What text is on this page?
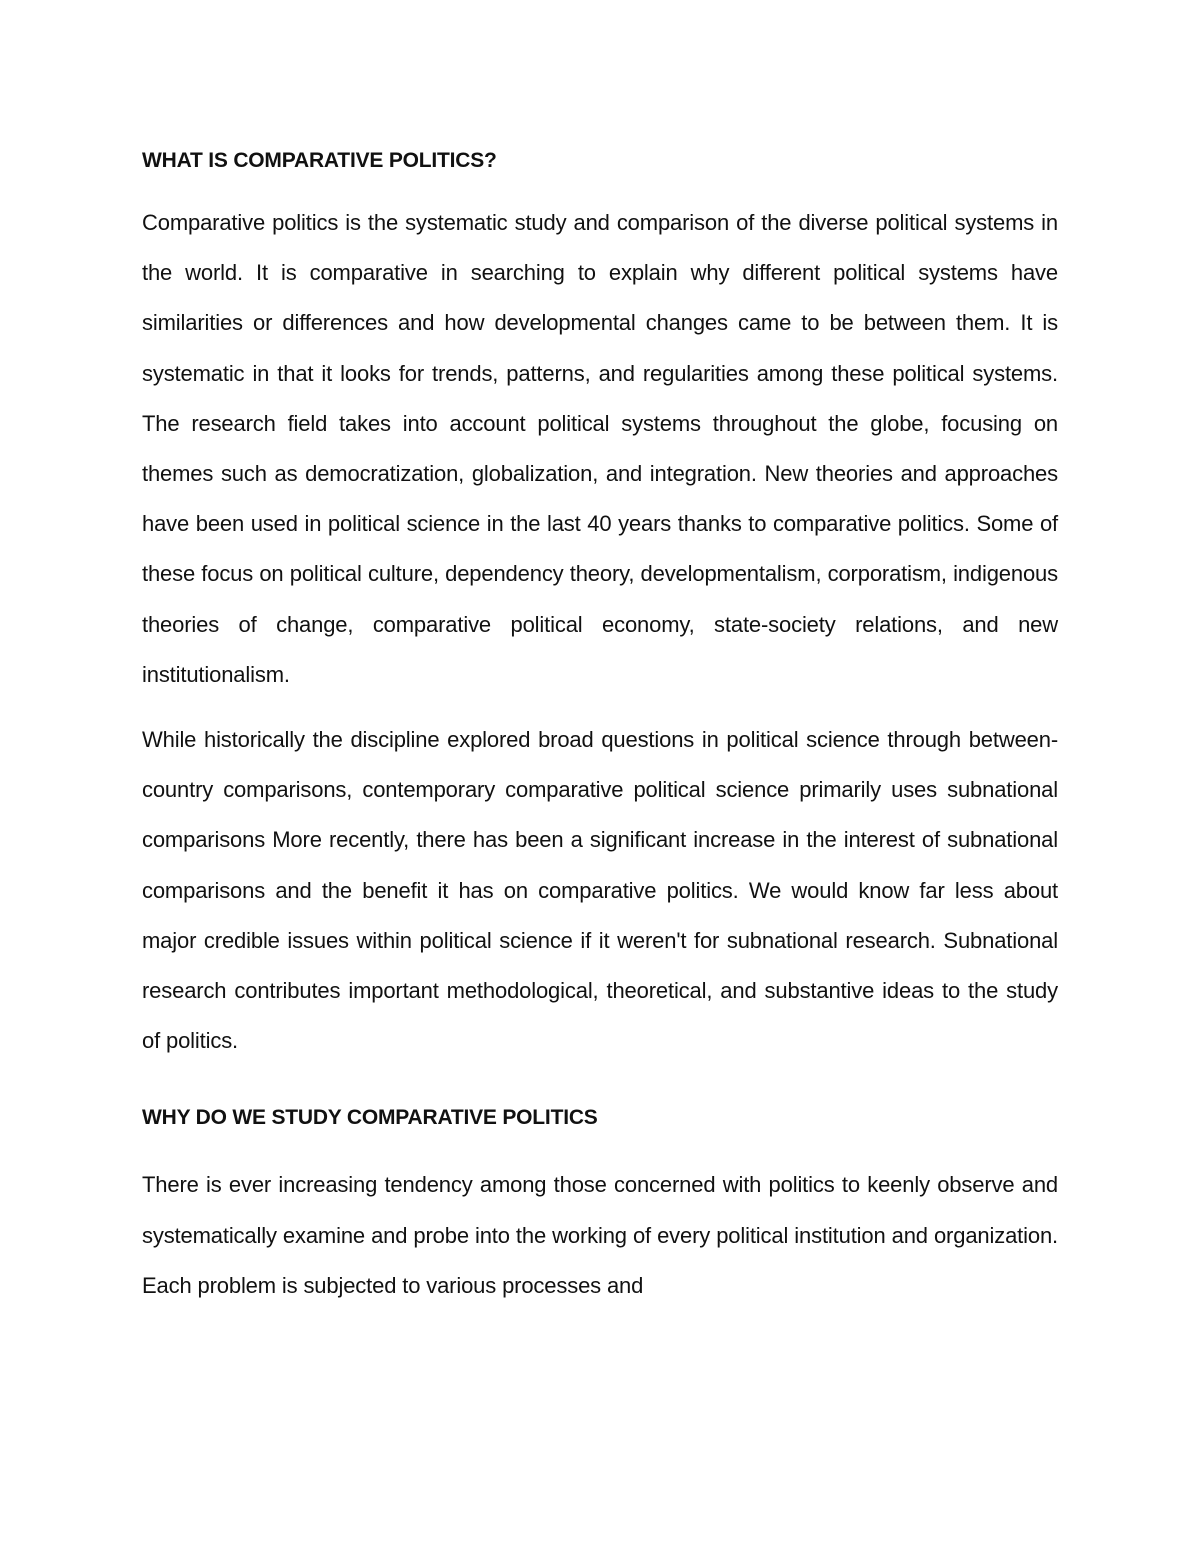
WHAT IS COMPARATIVE POLITICS?

Comparative politics is the systematic study and comparison of the diverse political systems in the world. It is comparative in searching to explain why different political systems have similarities or differences and how developmental changes came to be between them. It is systematic in that it looks for trends, patterns, and regularities among these political systems. The research field takes into account political systems throughout the globe, focusing on themes such as democratization, globalization, and integration. New theories and approaches have been used in political science in the last 40 years thanks to comparative politics. Some of these focus on political culture, dependency theory, developmentalism, corporatism, indigenous theories of change, comparative political economy, state-society relations, and new institutionalism.

While historically the discipline explored broad questions in political science through between-country comparisons, contemporary comparative political science primarily uses subnational comparisons More recently, there has been a significant increase in the interest of subnational comparisons and the benefit it has on comparative politics. We would know far less about major credible issues within political science if it weren't for subnational research. Subnational research contributes important methodological, theoretical, and substantive ideas to the study of politics.

WHY DO WE STUDY COMPARATIVE POLITICS

There is ever increasing tendency among those concerned with politics to keenly observe and systematically examine and probe into the working of every political institution and organization. Each problem is subjected to various processes and
